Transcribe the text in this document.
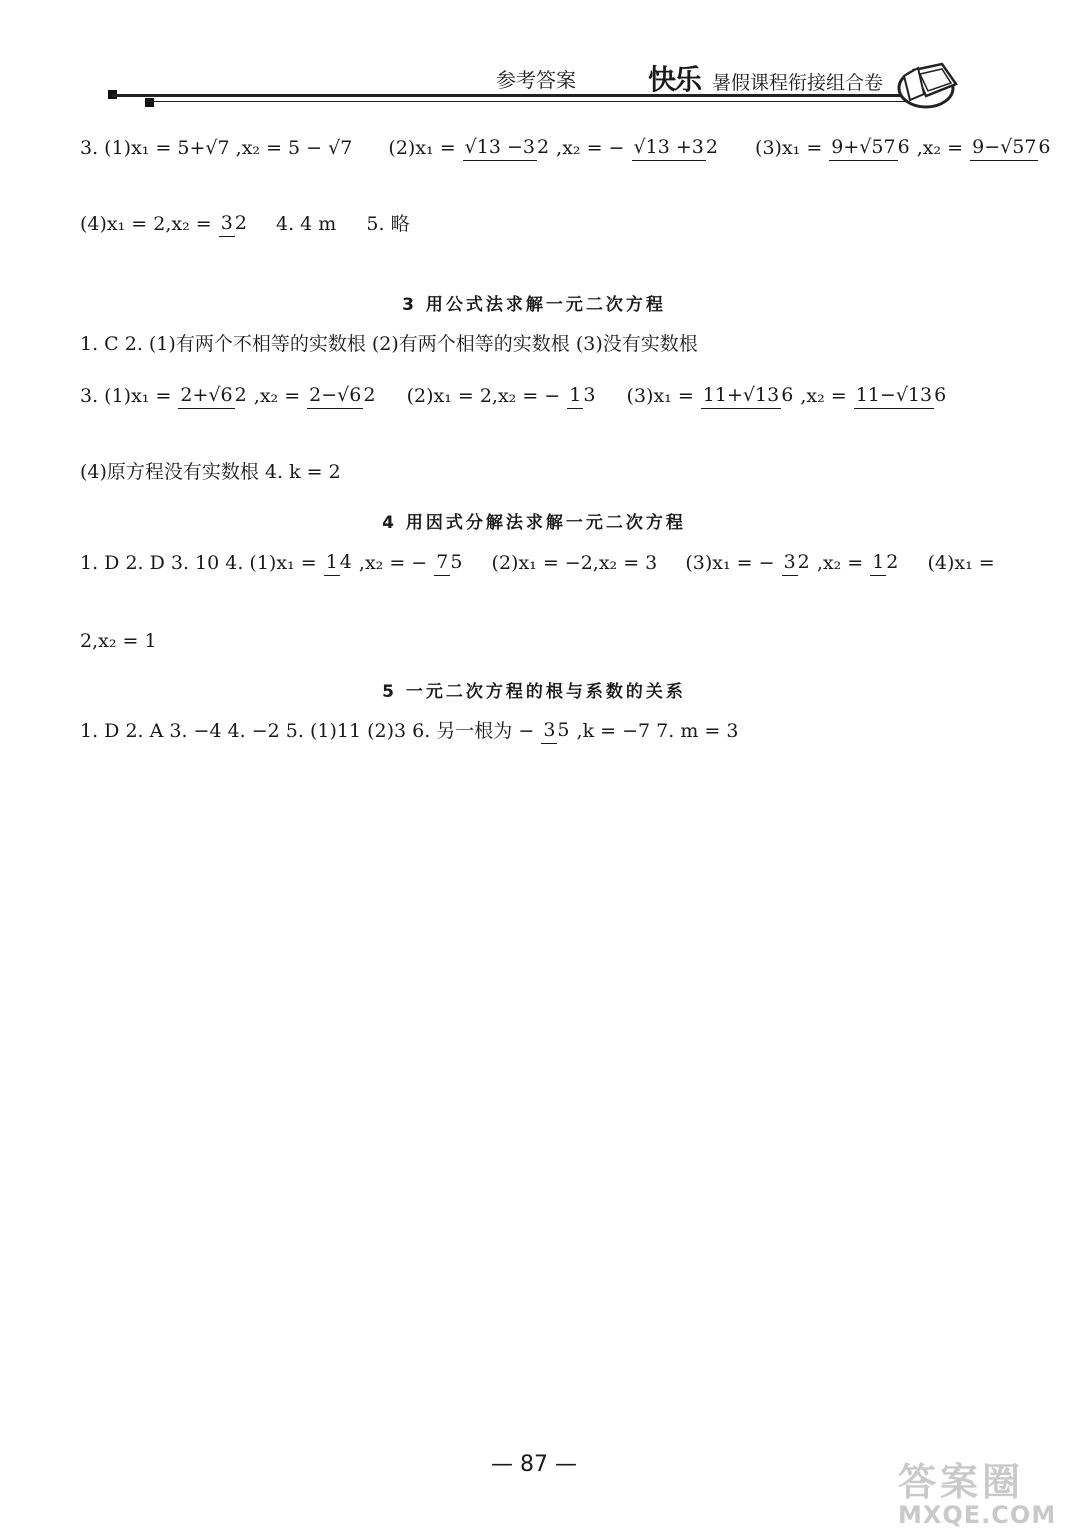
参考答案	快乐 暑假课程衔接组合卷
3. (1)x₁ = 5+√7 ,x₂ = 5 − √7 (2)x₁ = √13 −3 2 ,x₂ = − √13 +3 2 (3)x₁ = 9+√57 6 ,x₂ = 9−√57 6
(4)x₁ = 2,x₂ = 3 2 4. 4 m 5. 略
3 用公式法求解一元二次方程
1. C 2. (1)有两个不相等的实数根 (2)有两个相等的实数根 (3)没有实数根
3. (1)x₁ = 2+√6 2 ,x₂ = 2−√6 2 (2)x₁ = 2,x₂ = − 1 3 (3)x₁ = 11+√13 6 ,x₂ = 11−√13 6
(4)原方程没有实数根 4. k = 2
4 用因式分解法求解一元二次方程
1. D 2. D 3. 10 4. (1)x₁ = 1 4 ,x₂ = − 7 5 (2)x₁ = −2,x₂ = 3 (3)x₁ = − 3 2 ,x₂ = 1 2 (4)x₁ =
2,x₂ = 1
5 一元二次方程的根与系数的关系
1. D 2. A 3. −4 4. −2 5. (1)11 (2)3 6. 另一根为 − 3 5 ,k = −7 7. m = 3
— 87 —	答案圈
MXQE.COM
